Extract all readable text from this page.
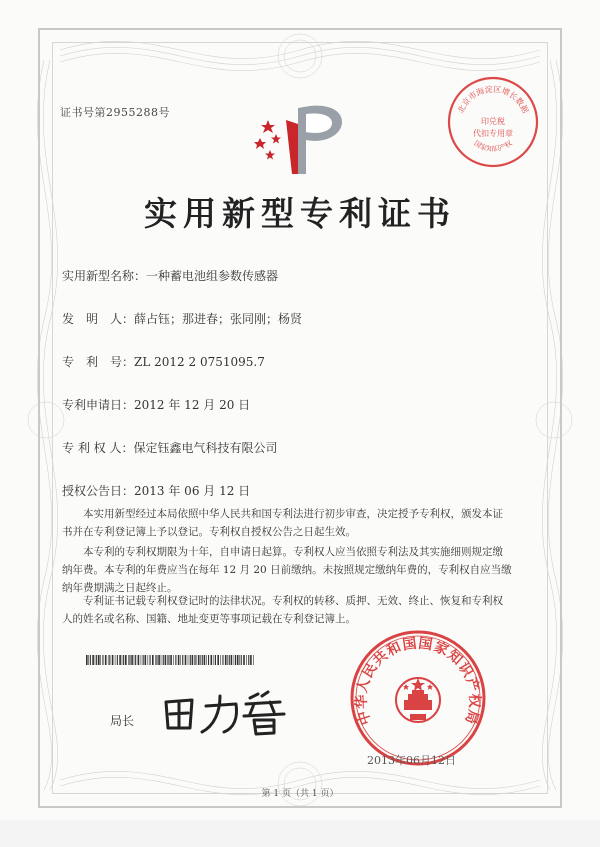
证书号第2955288号
实用新型专利证书
实用新型名称：一种蓄电池组参数传感器
发　明　人：薛占钰；那进春；张同刚；杨贤
专　利　号：ZL 2012 2 0751095.7
专利申请日：2012 年 12 月 20 日
专 利 权 人：保定钰鑫电气科技有限公司
授权公告日：2013 年 06 月 12 日

本实用新型经过本局依照中华人民共和国专利法进行初步审查，决定授予专利权，颁发本证书并在专利登记簿上予以登记。专利权自授权公告之日起生效。

本专利的专利权期限为十年，自申请日起算。专利权人应当依照专利法及其实施细则规定缴纳年费。本专利的年费应当在每年 12 月 20 日前缴纳。未按照规定缴纳年费的，专利权自应当缴纳年费期满之日起终止。

专利证书记载专利权登记时的法律状况。专利权的转移、质押、无效、终止、恢复和专利权人的姓名或名称、国籍、地址变更等事项记载在专利登记簿上。

局长
北京市海淀区增长数据
印兑税
代扣专用章
国家知识产权
中华人民共和国国家知识产权局
2013年06月12日
第 1 页（共 1 页）
